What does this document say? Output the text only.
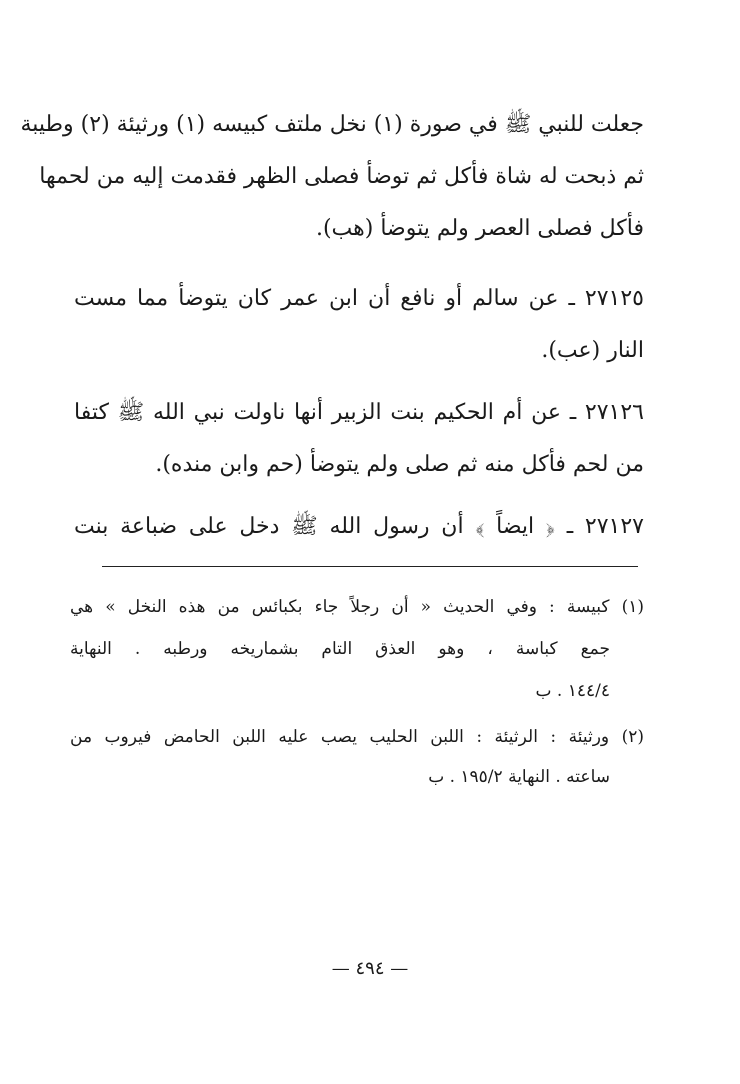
جعلت للنبي ﷺ في صورة (١) نخل ملتف كبيسه (١) ورثيئة (٢) وطيبة
ثم ذبحت له شاة فأكل ثم توضأ فصلى الظهر فقدمت إليه من لحمها
فأكل فصلى العصر ولم يتوضأ (هب).
٢٧١٢٥ ـ عن سالم أو نافع أن ابن عمر كان يتوضأ مما مست
النار (عب).
٢٧١٢٦ ـ عن أم الحكيم بنت الزبير أنها ناولت نبي الله ﷺ كتفا
من لحم فأكل منه ثم صلى ولم يتوضأ (حم وابن منده).
٢٧١٢٧ ـ ﴿ ايضاً ﴾ أن رسول الله ﷺ دخل على ضباعة بنت
(١) كبيسة : وفي الحديث « أن رجلاً جاء بكبائس من هذه النخل » هي
جمع كباسة ، وهو العذق التام بشماريخه ورطبه . النهاية
١٤٤/٤ . ب
(٢) ورثيئة : الرثيئة : اللبن الحليب يصب عليه اللبن الحامض فيروب من
ساعته . النهاية ١٩٥/٢ . ب
— ٤٩٤ —
